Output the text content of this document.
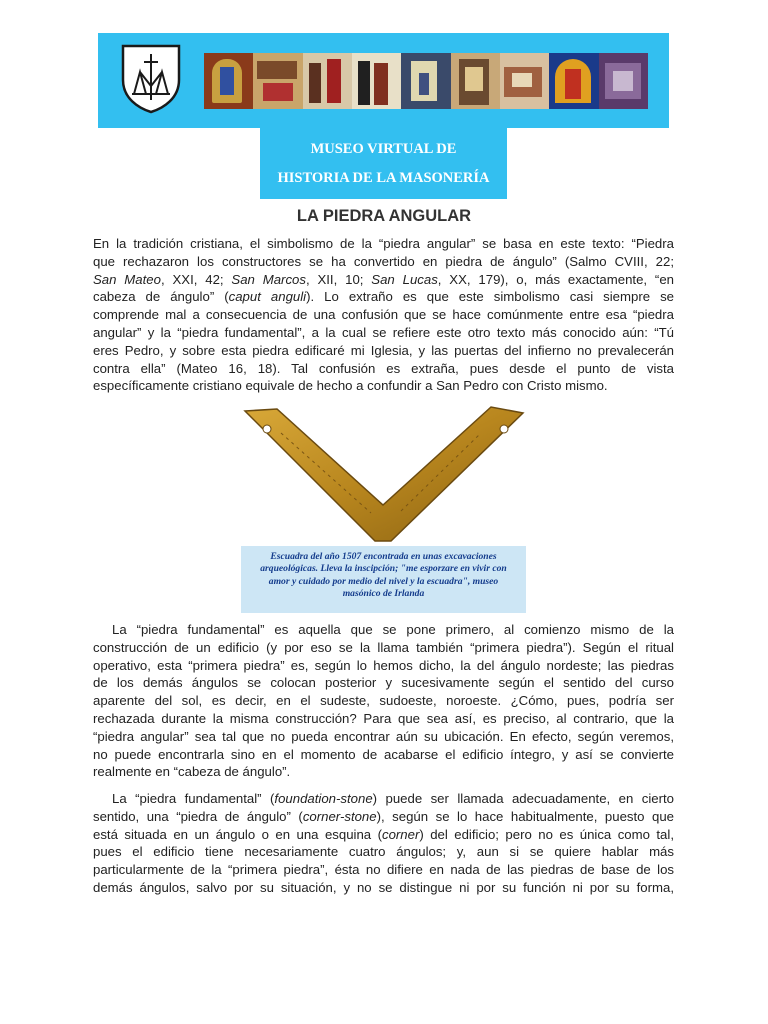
MUSEO VIRTUAL DE
HISTORIA DE LA MASONERÍA
LA PIEDRA ANGULAR

En la tradición cristiana, el simbolismo de la “piedra angular” se basa en este texto: “Piedra
que rechazaron los constructores se ha convertido en piedra de ángulo” (Salmo CVIII, 22;
San Mateo, XXI, 42; San Marcos, XII, 10; San Lucas, XX, 179), o, más exactamente, “en
cabeza de ángulo” (caput anguli). Lo extraño es que este simbolismo casi siempre se
comprende mal a consecuencia de una confusión que se hace comúnmente entre esa “piedra
angular” y la “piedra fundamental”, a la cual se refiere este otro texto más conocido aún: “Tú
eres Pedro, y sobre esta piedra edificaré mi Iglesia, y las puertas del infierno no prevalecerán
contra ella” (Mateo 16, 18). Tal confusión es extraña, pues desde el punto de vista
específicamente cristiano equivale de hecho a confundir a San Pedro con Cristo mismo.

Escuadra del año 1507 encontrada en unas excavaciones
arqueológicas. Lleva la inscipción; "me esporzare en vivir con
amor y cuidado por medio del nivel y la escuadra", museo
masónico de Irlanda

La “piedra fundamental” es aquella que se pone primero, al comienzo mismo de la
construcción de un edificio (y por eso se la llama también “primera piedra”). Según el ritual
operativo, esta “primera piedra” es, según lo hemos dicho, la del ángulo nordeste; las piedras
de los demás ángulos se colocan posterior y sucesivamente según el sentido del curso
aparente del sol, es decir, en el sudeste, sudoeste, noroeste. ¿Cómo, pues, podría ser
rechazada durante la misma construcción? Para que sea así, es preciso, al contrario, que la
“piedra angular” sea tal que no pueda encontrar aún su ubicación. En efecto, según veremos,
no puede encontrarla sino en el momento de acabarse el edificio íntegro, y así se convierte
realmente en “cabeza de ángulo”.

La “piedra fundamental” (foundation-stone) puede ser llamada adecuadamente, en cierto
sentido, una “piedra de ángulo” (corner-stone), según se lo hace habitualmente, puesto que
está situada en un ángulo o en una esquina (corner) del edificio; pero no es única como tal,
pues el edificio tiene necesariamente cuatro ángulos; y, aun si se quiere hablar más
particularmente de la “primera piedra”, ésta no difiere en nada de las piedras de base de los
demás ángulos, salvo por su situación, y no se distingue ni por su función ni por su forma,
